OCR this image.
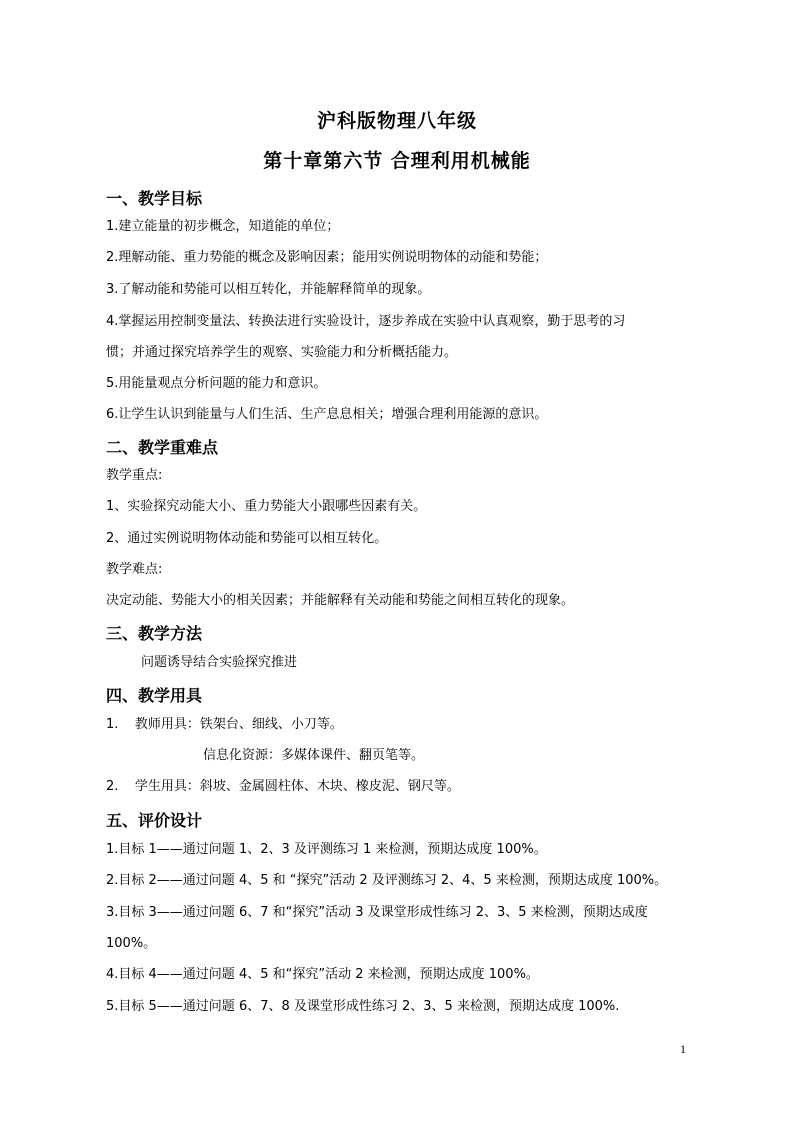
沪科版物理八年级
第十章第六节 合理利用机械能
一、教学目标
1.建立能量的初步概念，知道能的单位；
2.理解动能、重力势能的概念及影响因素；能用实例说明物体的动能和势能；
3.了解动能和势能可以相互转化，并能解释简单的现象。
4.掌握运用控制变量法、转换法进行实验设计，逐步养成在实验中认真观察，勤于思考的习
惯；并通过探究培养学生的观察、实验能力和分析概括能力。
5.用能量观点分析问题的能力和意识。
6.让学生认识到能量与人们生活、生产息息相关；增强合理利用能源的意识。
二、教学重难点
教学重点:
1、实验探究动能大小、重力势能大小跟哪些因素有关。
2、通过实例说明物体动能和势能可以相互转化。
教学难点:
决定动能、势能大小的相关因素；并能解释有关动能和势能之间相互转化的现象。
三、教学方法
问题诱导结合实验探究推进
四、教学用具
1.    教师用具：铁架台、细线、小刀等。
信息化资源：多媒体课件、翻页笔等。
2.    学生用具：斜坡、金属圆柱体、木块、橡皮泥、钢尺等。
五、评价设计
1.目标 1——通过问题 1、2、3 及评测练习 1 来检测，预期达成度 100%。
2.目标 2——通过问题 4、5 和 “探究”活动 2 及评测练习 2、4、5 来检测，预期达成度 100%。
3.目标 3——通过问题 6、7 和“探究”活动 3 及课堂形成性练习 2、3、5 来检测，预期达成度
100%。
4.目标 4——通过问题 4、5 和“探究”活动 2 来检测，预期达成度 100%。
5.目标 5——通过问题 6、7、8 及课堂形成性练习 2、3、5 来检测，预期达成度 100%.
1
